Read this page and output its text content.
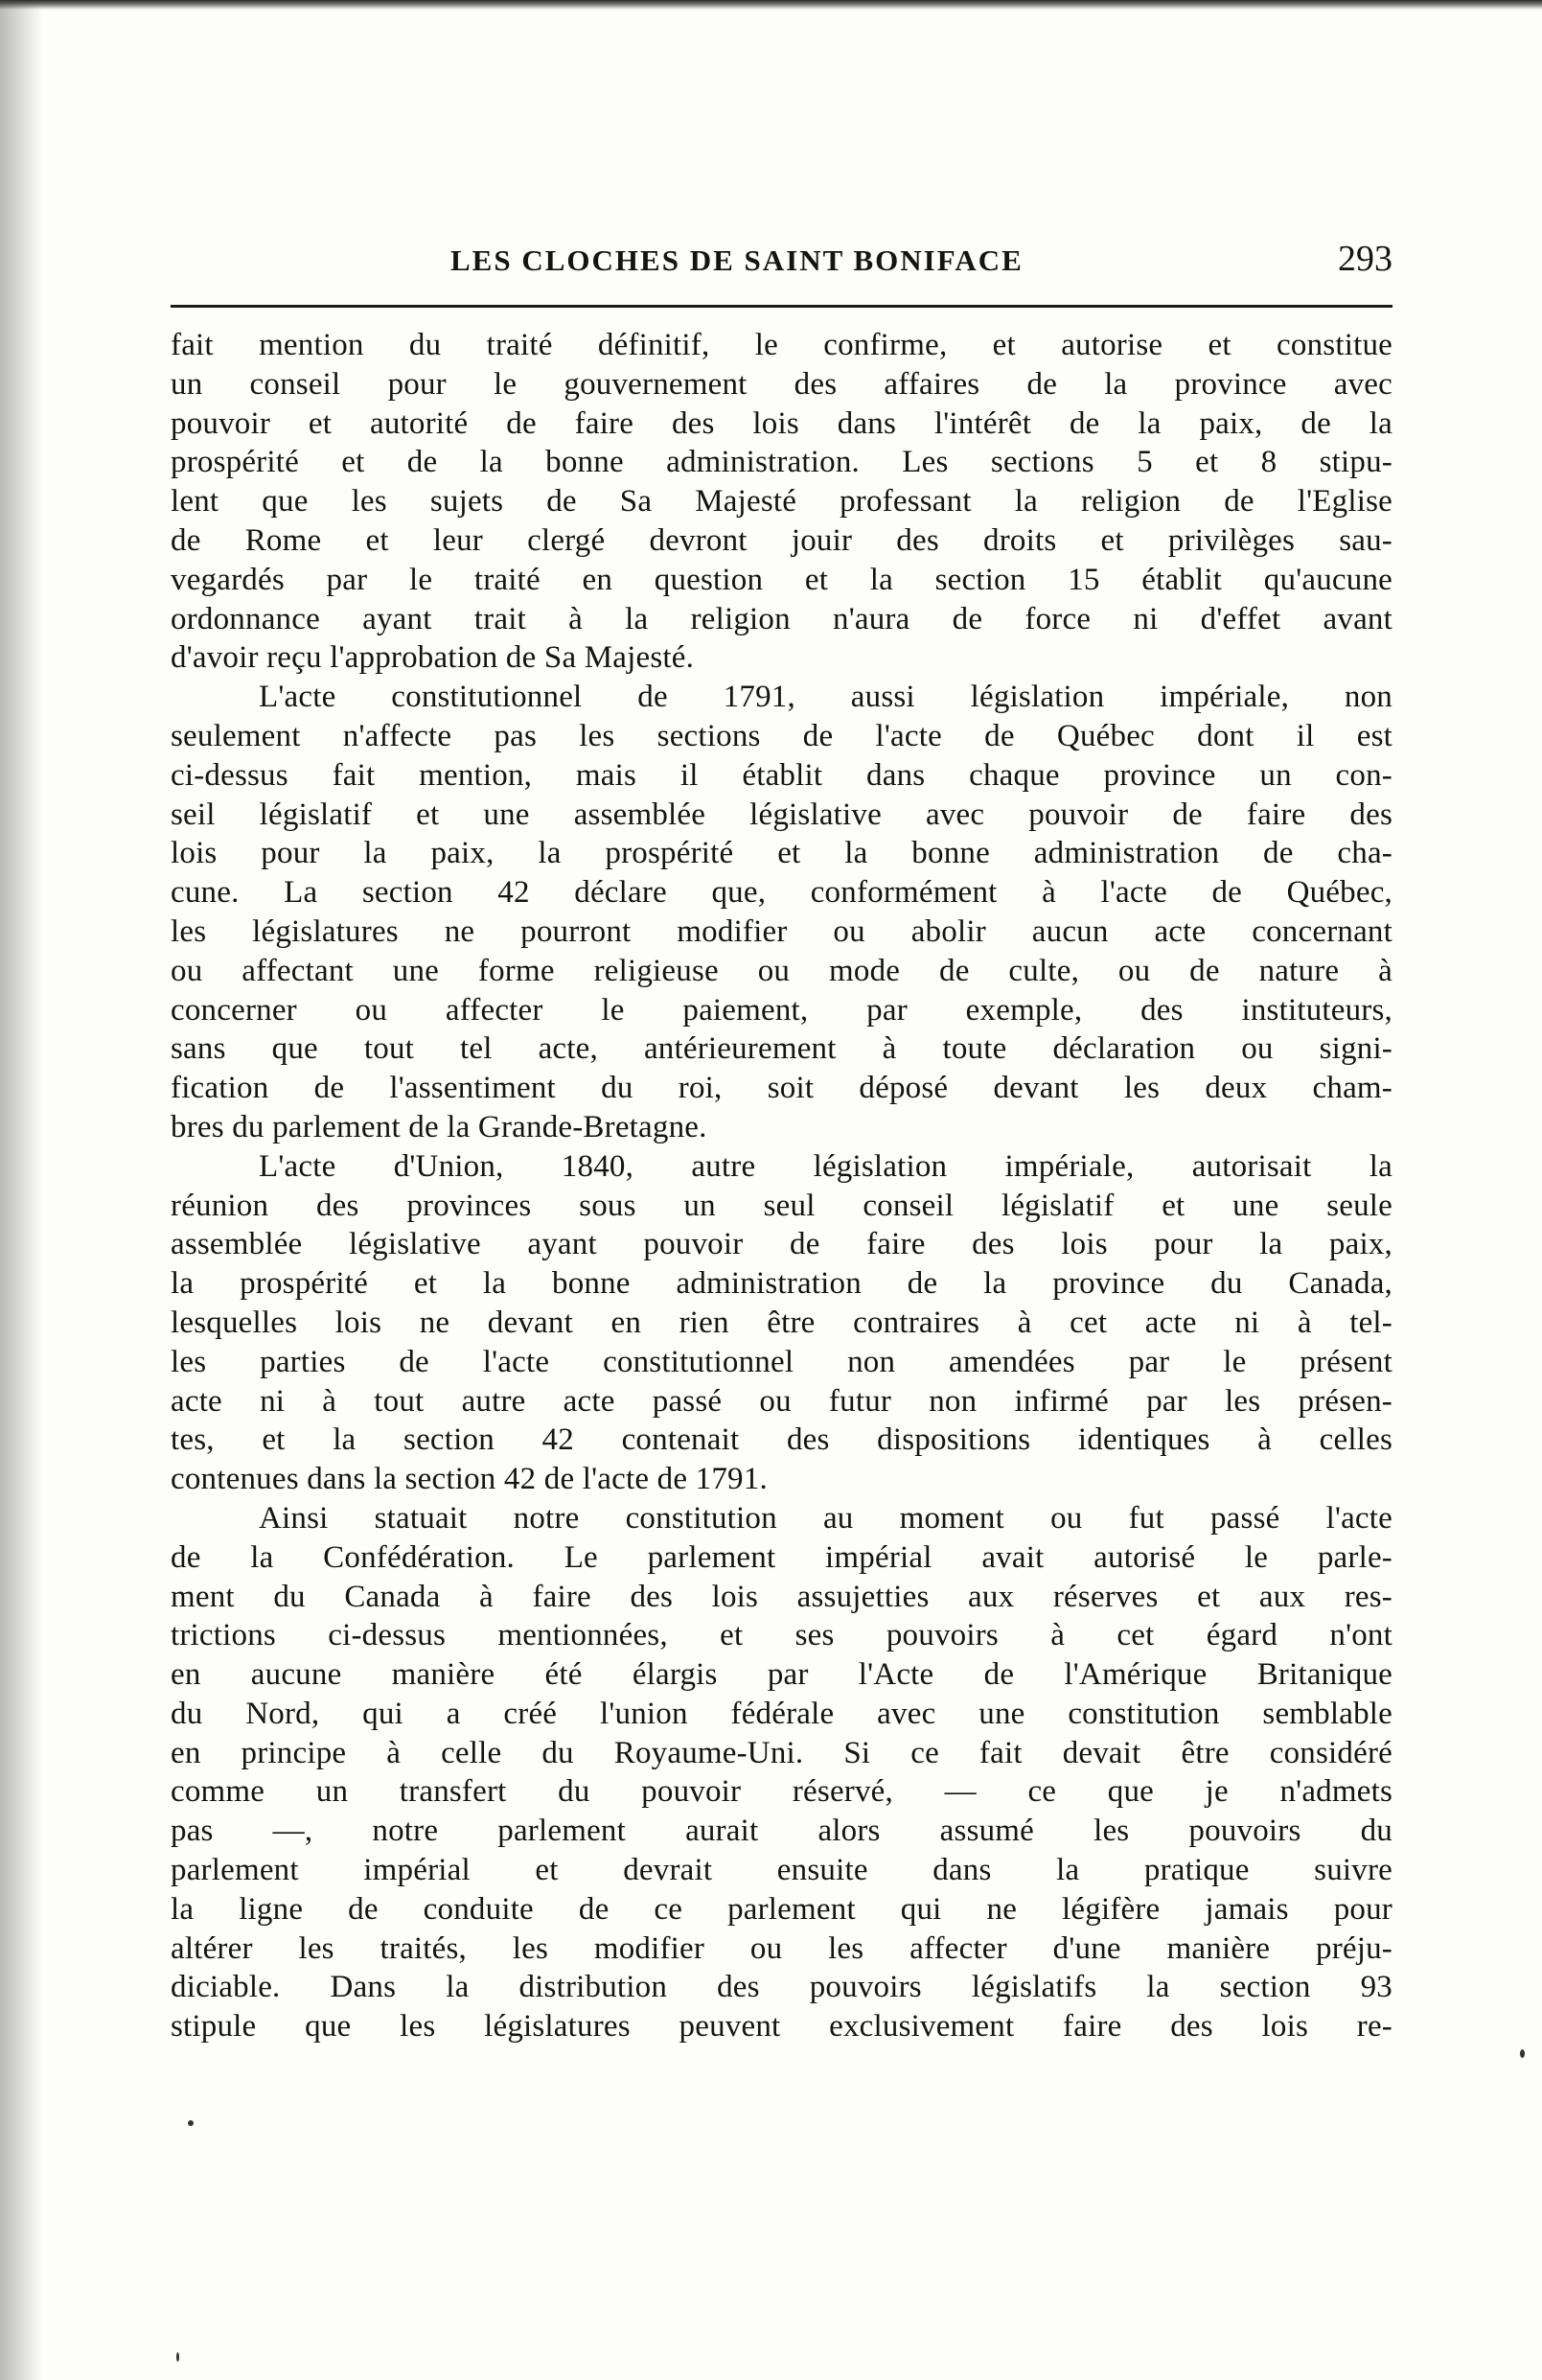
LES CLOCHES DE SAINT BONIFACE	293
fait mention du traité définitif, le confirme, et autorise et constitue
un conseil pour le gouvernement des affaires de la province avec
pouvoir et autorité de faire des lois dans l'intérêt de la paix, de la
prospérité et de la bonne administration. Les sections 5 et 8 stipu-
lent que les sujets de Sa Majesté professant la religion de l'Eglise
de Rome et leur clergé devront jouir des droits et privilèges sau-
vegardés par le traité en question et la section 15 établit qu'aucune
ordonnance ayant trait à la religion n'aura de force ni d'effet avant
d'avoir reçu l'approbation de Sa Majesté.
L'acte constitutionnel de 1791, aussi législation impériale, non
seulement n'affecte pas les sections de l'acte de Québec dont il est
ci-dessus fait mention, mais il établit dans chaque province un con-
seil législatif et une assemblée législative avec pouvoir de faire des
lois pour la paix, la prospérité et la bonne administration de cha-
cune. La section 42 déclare que, conformément à l'acte de Québec,
les législatures ne pourront modifier ou abolir aucun acte concernant
ou affectant une forme religieuse ou mode de culte, ou de nature à
concerner ou affecter le paiement, par exemple, des instituteurs,
sans que tout tel acte, antérieurement à toute déclaration ou signi-
fication de l'assentiment du roi, soit déposé devant les deux cham-
bres du parlement de la Grande-Bretagne.
L'acte d'Union, 1840, autre législation impériale, autorisait la
réunion des provinces sous un seul conseil législatif et une seule
assemblée législative ayant pouvoir de faire des lois pour la paix,
la prospérité et la bonne administration de la province du Canada,
lesquelles lois ne devant en rien être contraires à cet acte ni à tel-
les parties de l'acte constitutionnel non amendées par le présent
acte ni à tout autre acte passé ou futur non infirmé par les présen-
tes, et la section 42 contenait des dispositions identiques à celles
contenues dans la section 42 de l'acte de 1791.
Ainsi statuait notre constitution au moment ou fut passé l'acte
de la Confédération. Le parlement impérial avait autorisé le parle-
ment du Canada à faire des lois assujetties aux réserves et aux res-
trictions ci-dessus mentionnées, et ses pouvoirs à cet égard n'ont
en aucune manière été élargis par l'Acte de l'Amérique Britanique
du Nord, qui a créé l'union fédérale avec une constitution semblable
en principe à celle du Royaume-Uni. Si ce fait devait être considéré
comme un transfert du pouvoir réservé, — ce que je n'admets
pas —, notre parlement aurait alors assumé les pouvoirs du
parlement impérial et devrait ensuite dans la pratique suivre
la ligne de conduite de ce parlement qui ne légifère jamais pour
altérer les traités, les modifier ou les affecter d'une manière préju-
diciable. Dans la distribution des pouvoirs législatifs la section 93
stipule que les législatures peuvent exclusivement faire des lois re-
